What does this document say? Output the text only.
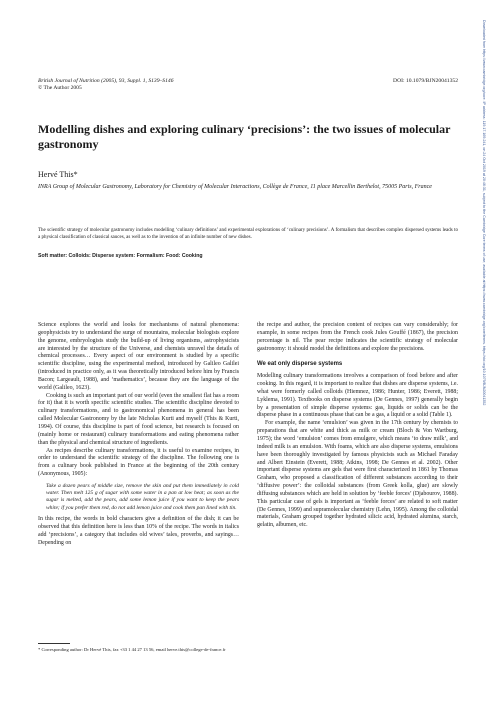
Downloaded from https://www.cambridge.org/core. IP address: 119.17.169.241, on 24 Oct 2019 at 20:46:31, subject to the Cambridge Core terms of use, available at https://www.cambridge.org/core/terms. https://doi.org/10.1079/BJN20041352
British Journal of Nutrition (2005), 93, Suppl. 1, S139–S146
© The Author 2005
DOI: 10.1079/BJN20041352
Modelling dishes and exploring culinary ‘precisions’: the two issues of molecular gastronomy
Hervé This*
INRA Group of Molecular Gastronomy, Laboratory for Chemistry of Molecular Interactions, Collège de France, 11 place Marcellin Berthelot, 75005 Paris, France
The scientific strategy of molecular gastronomy includes modelling ‘culinary definitions’ and experimental explorations of ‘culinary precisions’. A formalism that describes complex dispersed systems leads to a physical classification of classical sauces, as well as to the invention of an infinite number of new dishes.
Soft matter: Colloids: Disperse system: Formalism: Food: Cooking

Science explores the world and looks for mechanisms of natural phenomena: geophysicists try to understand the surge of mountains, molecular biologists explore the genome, embryologists study the build-up of living organisms, astrophysicists are interested by the structure of the Universe, and chemists unravel the details of chemical processes… Every aspect of our environment is studied by a specific scientific discipline, using the experimental method, introduced by Galileo Galilei (introduced in practice only, as it was theoretically introduced before him by Francis Bacon; Largeault, 1988), and ‘mathematics’, because they are the language of the world (Galileo, 1623).

Cooking is such an important part of our world (even the smallest flat has a room for it) that it is worth specific scientific studies. The scientific discipline devoted to culinary transformations, and to gastronomical phenomena in general has been called Molecular Gastronomy by the late Nicholas Kurti and myself (This & Kurti, 1994). Of course, this discipline is part of food science, but research is focused on (mainly home or restaurant) culinary transformations and eating phenomena rather than the physical and chemical structure of ingredients.

As recipes describe culinary transformations, it is useful to examine recipes, in order to understand the scientific strategy of the discipline. The following one is from a culinary book published in France at the beginning of the 20th century (Anonymous, 1905):

Take a dozen pears of middle size, remove the skin and put them immediately in cold water. Then melt 125 g of sugar with some water in a pan at low heat; as soon as the sugar is melted, add the pears, add some lemon juice if you want to keep the pears white; if you prefer them red, do not add lemon juice and cook them pan lined with tin.

In this recipe, the words in bold characters give a definition of the dish; it can be observed that this definition here is less than 10% of the recipe. The words in italics add ‘precisions’, a category that includes old wives’ tales, proverbs, and sayings… Depending on

the recipe and author, the precision content of recipes can vary considerably; for example, in some recipes from the French cook Jules Gouffé (1867), the precision percentage is nil. The pear recipe indicates the scientific strategy of molecular gastronomy: it should model the definitions and explore the precisions.

We eat only disperse systems

Modelling culinary transformations involves a comparison of food before and after cooking. In this regard, it is important to realize that dishes are disperse systems, i.e. what were formerly called colloids (Hiemnez, 1986; Hunter, 1986; Everett, 1988; Lyklema, 1991). Textbooks on disperse systems (De Gennes, 1997) generally begin by a presentation of simple disperse systems: gas, liquids or solids can be the disperse phase in a continuous phase that can be a gas, a liquid or a solid (Table 1).

For example, the name ‘emulsion’ was given in the 17th century by chemists to preparations that are white and thick as milk or cream (Bloch & Von Wartburg, 1975); the word ‘emulsion’ comes from emulgere, which means ‘to draw milk’, and indeed milk is an emulsion. With foams, which are also disperse systems, emulsions have been thoroughly investigated by famous physicists such as Michael Faraday and Albert Einstein (Everett, 1988; Atkins, 1998; De Gennes et al. 2002). Other important disperse systems are gels that were first characterized in 1861 by Thomas Graham, who proposed a classification of different substances according to their ‘diffusive power’: the colloidal substances (from Greek kolla, glue) are slowly diffusing substances which are held in solution by ‘feeble forces’ (Djabourov, 1988). This particular case of gels is important as ‘feeble forces’ are related to soft matter (De Gennes, 1999) and supramolecular chemistry (Lehn, 1995). Among the colloidal materials, Graham grouped together hydrated silicic acid, hydrated alumina, starch, gelatin, albumen, etc.

* Corresponding author: Dr Hervé This, fax +33 1 44 27 13 56, email herve.this@college-de-france.fr
